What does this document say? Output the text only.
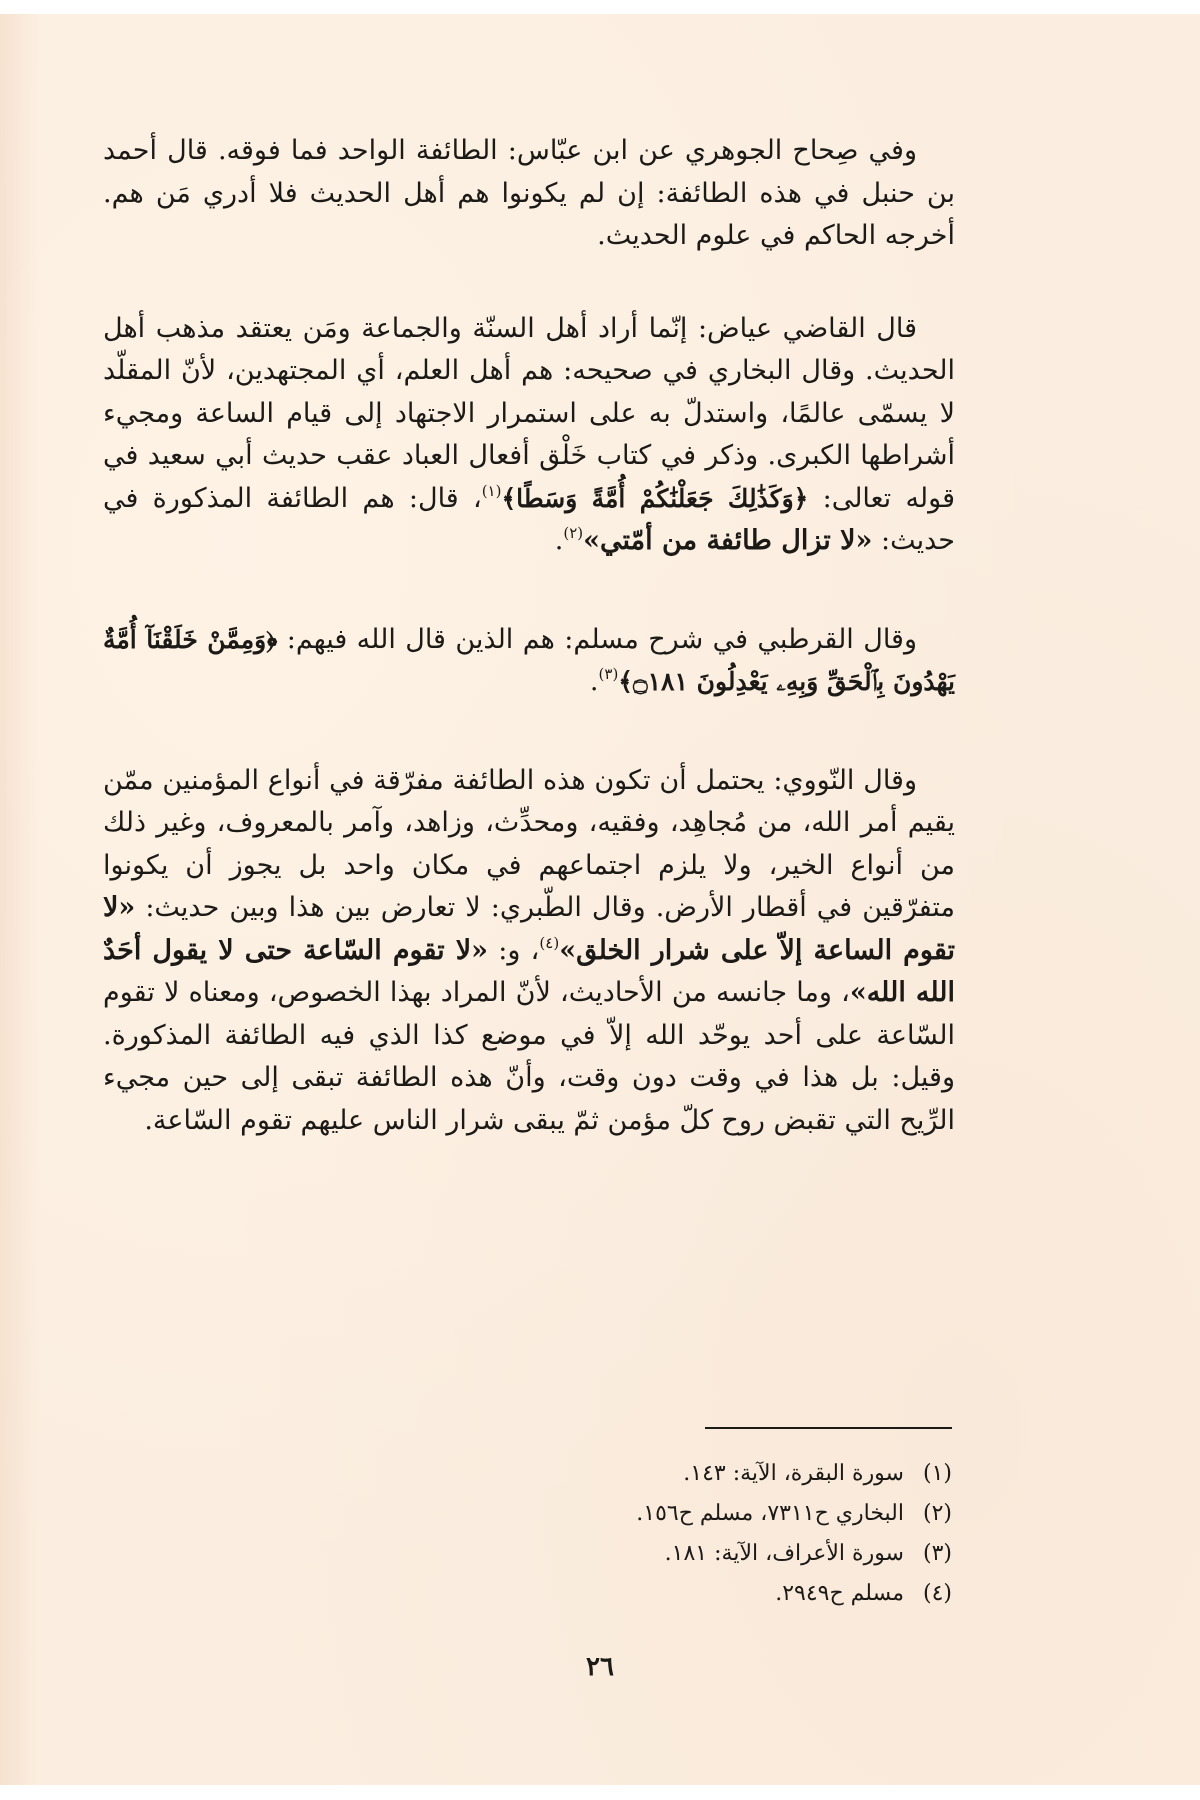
وفي صِحاح الجوهري عن ابن عبّاس: الطائفة الواحد فما فوقه. قال أحمد بن حنبل في هذه الطائفة: إن لم يكونوا هم أهل الحديث فلا أدري مَن هم. أخرجه الحاكم في علوم الحديث.

قال القاضي عياض: إنّما أراد أهل السنّة والجماعة ومَن يعتقد مذهب أهل الحديث. وقال البخاري في صحيحه: هم أهل العلم، أي المجتهدين، لأنّ المقلّد لا يسمّى عالمًا، واستدلّ به على استمرار الاجتهاد إلى قيام الساعة ومجيء أشراطها الكبرى. وذكر في كتاب خَلْق أفعال العباد عقب حديث أبي سعيد في قوله تعالى: ﴿وَكَذَٰلِكَ جَعَلْنَٰكُمْ أُمَّةً وَسَطًا﴾$^{(١)}$، قال: هم الطائفة المذكورة في حديث: «لا تزال طائفة من أمّتي»$^{(٢)}$.

وقال القرطبي في شرح مسلم: هم الذين قال الله فيهم: ﴿وَمِمَّنْ خَلَقْنَآ أُمَّةٌ يَهْدُونَ بِٱلْحَقِّ وَبِهِۦ يَعْدِلُونَ ۝١٨١﴾$^{(٣)}$.

وقال النّووي: يحتمل أن تكون هذه الطائفة مفرّقة في أنواع المؤمنين ممّن يقيم أمر الله، من مُجاهِد، وفقيه، ومحدِّث، وزاهد، وآمر بالمعروف، وغير ذلك من أنواع الخير، ولا يلزم اجتماعهم في مكان واحد بل يجوز أن يكونوا متفرّقين في أقطار الأرض. وقال الطّبري: لا تعارض بين هذا وبين حديث: «لا تقوم الساعة إلاّ على شرار الخلق»$^{(٤)}$، و: «لا تقوم السّاعة حتى لا يقول أحَدٌ الله الله»، وما جانسه من الأحاديث، لأنّ المراد بهذا الخصوص، ومعناه لا تقوم السّاعة على أحد يوحّد الله إلاّ في موضع كذا الذي فيه الطائفة المذكورة. وقيل: بل هذا في وقت دون وقت، وأنّ هذه الطائفة تبقى إلى حين مجيء الرِّيح التي تقبض روح كلّ مؤمن ثمّ يبقى شرار الناس عليهم تقوم السّاعة.

(١)سورة البقرة، الآية: ١٤٣.
(٢)البخاري ح٧٣١١، مسلم ح١٥٦.
(٣)سورة الأعراف، الآية: ١٨١.
(٤)مسلم ح٢٩٤٩.
٢٦
